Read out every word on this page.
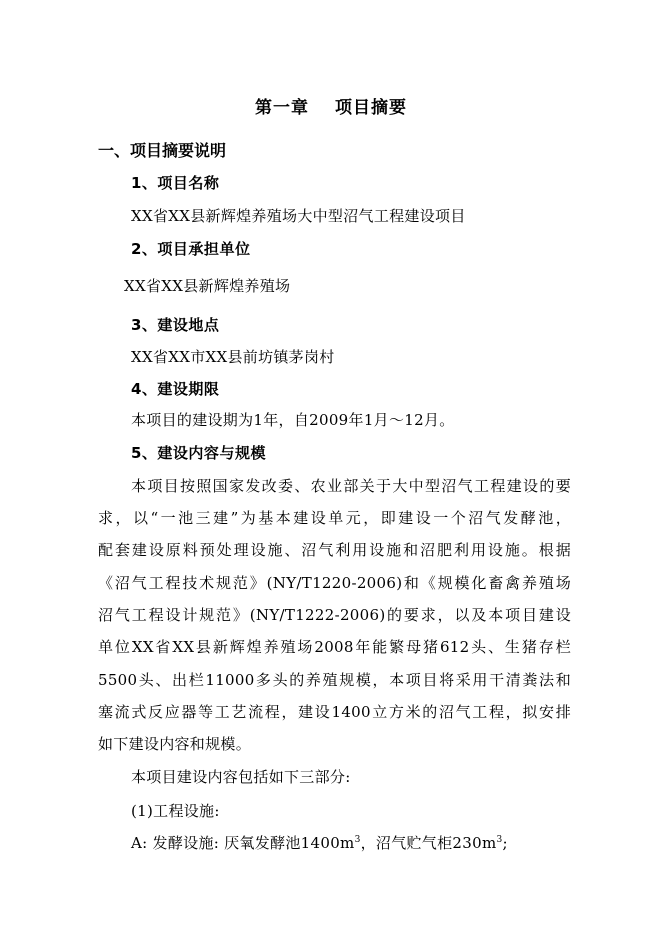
第一章 项目摘要

一、项目摘要说明

1、项目名称

XX省XX县新辉煌养殖场大中型沼气工程建设项目

2、项目承担单位

XX省XX县新辉煌养殖场

3、建设地点

XX省XX市XX县前坊镇茅岗村

4、建设期限

本项目的建设期为1年，自2009年1月～12月。

5、建设内容与规模

本项目按照国家发改委、农业部关于大中型沼气工程建设的要

求，以“一池三建”为基本建设单元，即建设一个沼气发酵池，

配套建设原料预处理设施、沼气利用设施和沼肥利用设施。根据

《沼气工程技术规范》(NY/T1220-2006)和《规模化畜禽养殖场

沼气工程设计规范》(NY/T1222-2006)的要求，以及本项目建设

单位XX省XX县新辉煌养殖场2008年能繁母猪612头、生猪存栏

5500头、出栏11000多头的养殖规模，本项目将采用干清粪法和

塞流式反应器等工艺流程，建设1400立方米的沼气工程，拟安排

如下建设内容和规模。

本项目建设内容包括如下三部分:

(1)工程设施:

A: 发酵设施: 厌氧发酵池$1400m^3$，沼气贮气柜$230m^3$;
